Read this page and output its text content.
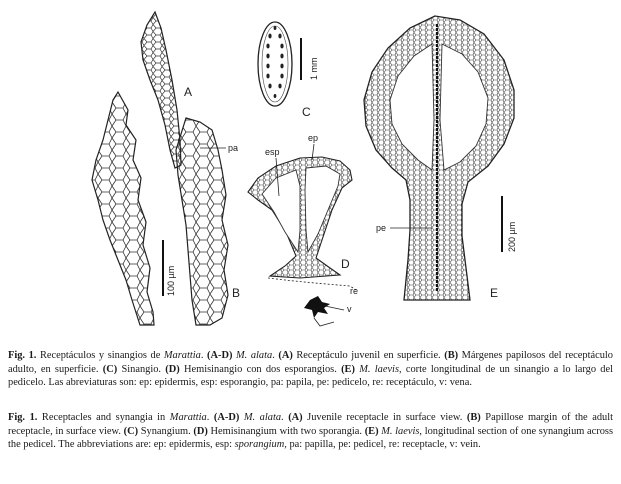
A
pa
100 µm	B
1 mm
C
esp
ep
D
re
v
pe	200 µm
E
Fig. 1. Receptáculos y sinangios de Marattia. (A-D) M. alata. (A) Receptáculo juvenil en superficie. (B) Márgenes papilosos del receptáculo adulto, en superficie. (C) Sinangio. (D) Hemisinangio con dos esporangios. (E) M. laevis, corte longitudinal de un sinangio a lo largo del pedicelo. Las abreviaturas son: ep: epidermis, esp: esporangio, pa: papila, pe: pedicelo, re: receptáculo, v: vena.
Fig. 1. Receptacles and synangia in Marattia. (A-D) M. alata. (A) Juvenile receptacle in surface view. (B) Papillose margin of the adult receptacle, in surface view. (C) Synangium. (D) Hemisinangium with two sporangia. (E) M. laevis, longitudinal section of one synangium across the pedicel. The abbreviations are: ep: epidermis, esp: sporangium, pa: papilla, pe: pedicel, re: receptacle, v: vein.
